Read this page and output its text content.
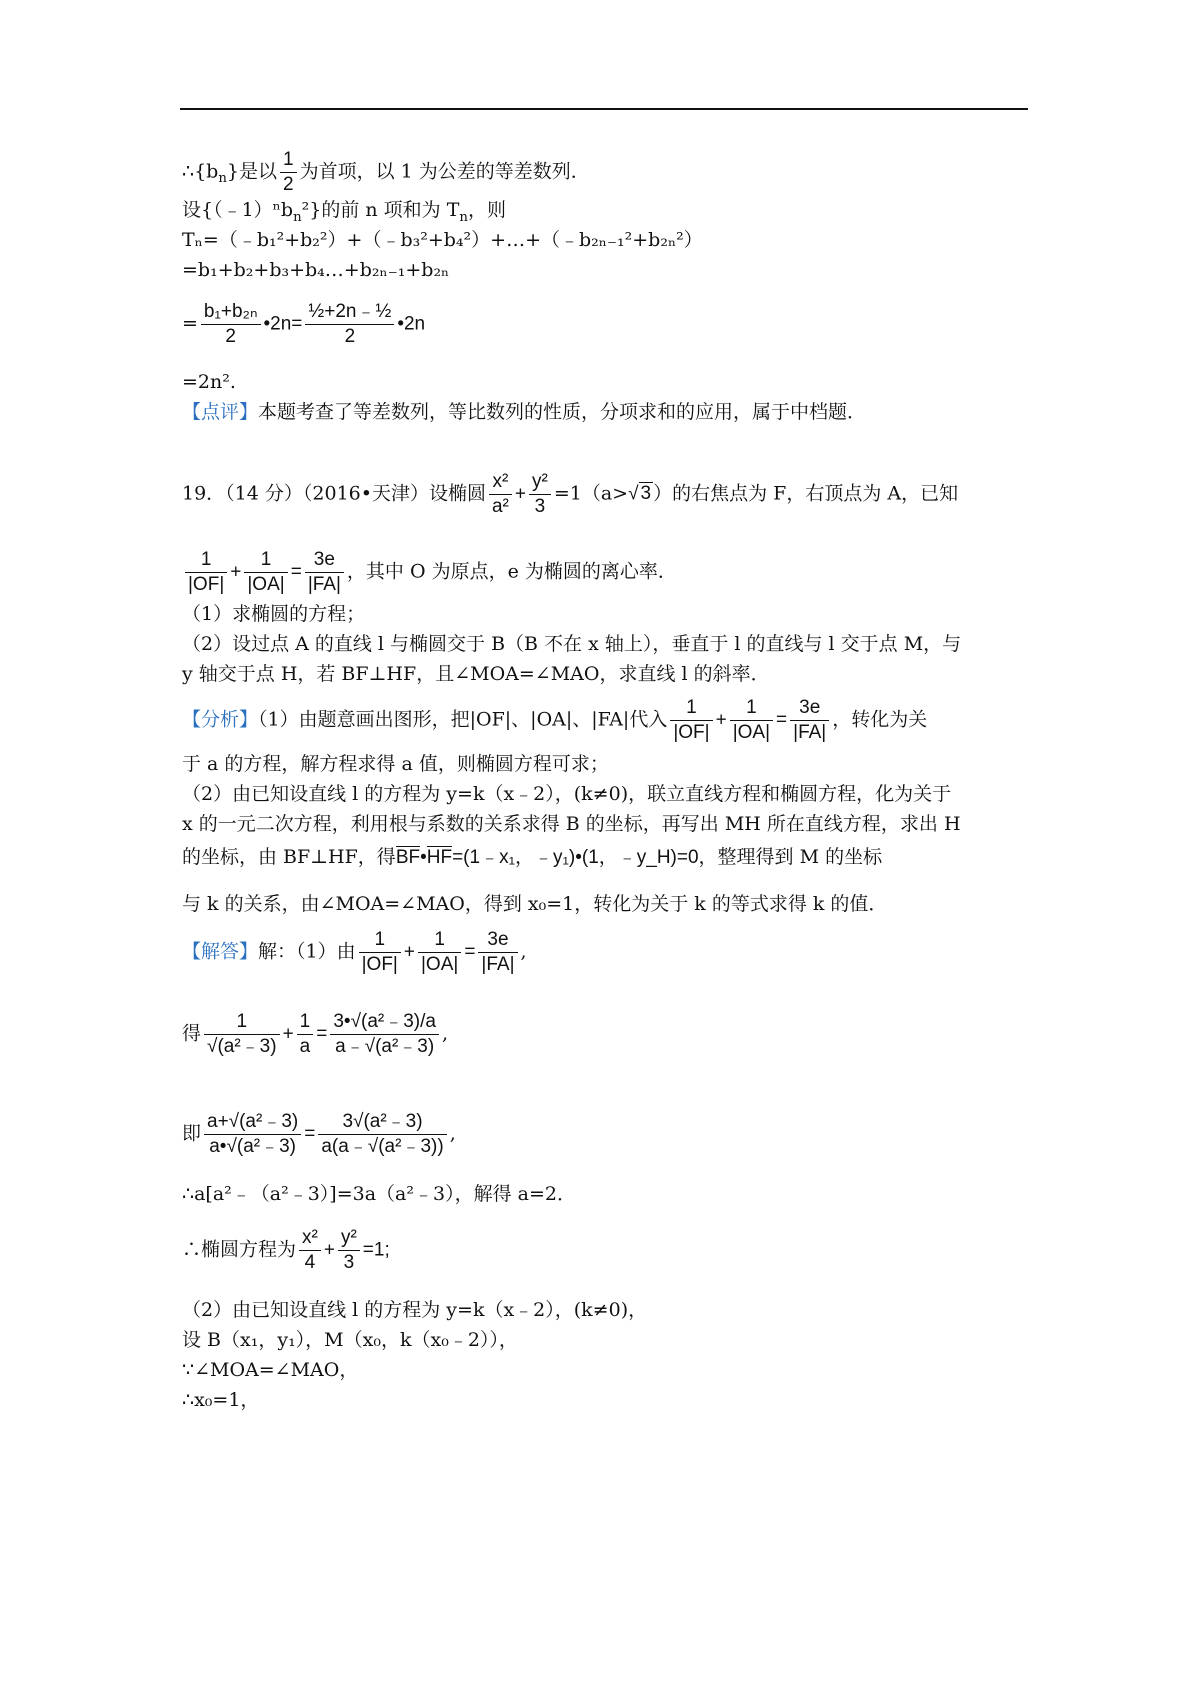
$\therefore\{b_n\}$是以 $\frac{1}{2}$ 为首项，以 1 为公差的等差数列．
设{（﹣1）ⁿb$_n$²}的前 n 项和为 $T_n$，则
Tₙ=（﹣b₁²+b₂²）+（﹣b₃²+b₄²）+…+（﹣b₂ₙ₋₁²+b₂ₙ²）
=b₁+b₂+b₃+b₄…+b₂ₙ₋₁+b₂ₙ
= $\frac{\text{b₁+b₂ₙ}}{2}$ •2n= $\frac{\text{½+2n﹣½}}{2}$ •2n
=2n².
【点评】本题考查了等差数列，等比数列的性质，分项求和的应用，属于中档题．
19．（14 分）（2016•天津）设椭圆 $\frac{\text{x²}}{\text{a²}} + \frac{\text{y²}}{3} =1(a>√$ 3 ）的右焦点为 F，右顶点为 A，已知
$\frac{1}{|OF|} + \frac{1}{|OA|} = \frac{3e}{|FA|}$ ，其中 O 为原点，e 为椭圆的离心率．
（1）求椭圆的方程；
（2）设过点 A 的直线 l 与椭圆交于 B（B 不在 x 轴上），垂直于 l 的直线与 l 交于点 M，与
y 轴交于点 H，若 BF⊥HF，且∠MOA=∠MAO，求直线 l 的斜率．
【分析】（1）由题意画出图形，把|OF|、|OA|、|FA|代入 $\frac{1}{|OF|} + \frac{1}{|OA|} = \frac{3e}{|FA|}$ ，转化为关
于 a 的方程，解方程求得 a 值，则椭圆方程可求；
（2）由已知设直线 l 的方程为 y=k（x﹣2），(k≠0)，联立直线方程和椭圆方程，化为关于
x 的一元二次方程，利用根与系数的关系求得 B 的坐标，再写出 MH 所在直线方程，求出 H
的坐标，由 BF⊥HF，得BF•HF=(1﹣x₁，﹣y₁)•(1，﹣y_H)=0，整理得到 M 的坐标
与 k 的关系，由∠MOA=∠MAO，得到 x₀=1，转化为关于 k 的等式求得 k 的值．
【解答】解：（1）由 $\frac{1}{|OF|} + \frac{1}{|OA|} = \frac{3e}{|FA|}$ ,
得 $\frac{1}{\text{√(a²﹣3)}} + \frac{1}{a} = \frac{\text{3•√(a²﹣3)/a}}{\text{a﹣√(a²﹣3)}}$ ,
即 $\frac{\text{a+√(a²﹣3)}}{\text{a•√(a²﹣3)}} = \frac{\text{3√(a²﹣3)}}{\text{a(a﹣√(a²﹣3))}}$ ,
∴a[a²﹣（a²﹣3）]=3a（a²﹣3），解得 a=2．
∴椭圆方程为 $\frac{\text{x²}}{4} + \frac{\text{y²}}{3} =1$;
（2）由已知设直线 l 的方程为 y=k（x﹣2），(k≠0)，
设 B（x₁，y₁），M（x₀，k（x₀﹣2）），
∵∠MOA=∠MAO，
∴x₀=1，
